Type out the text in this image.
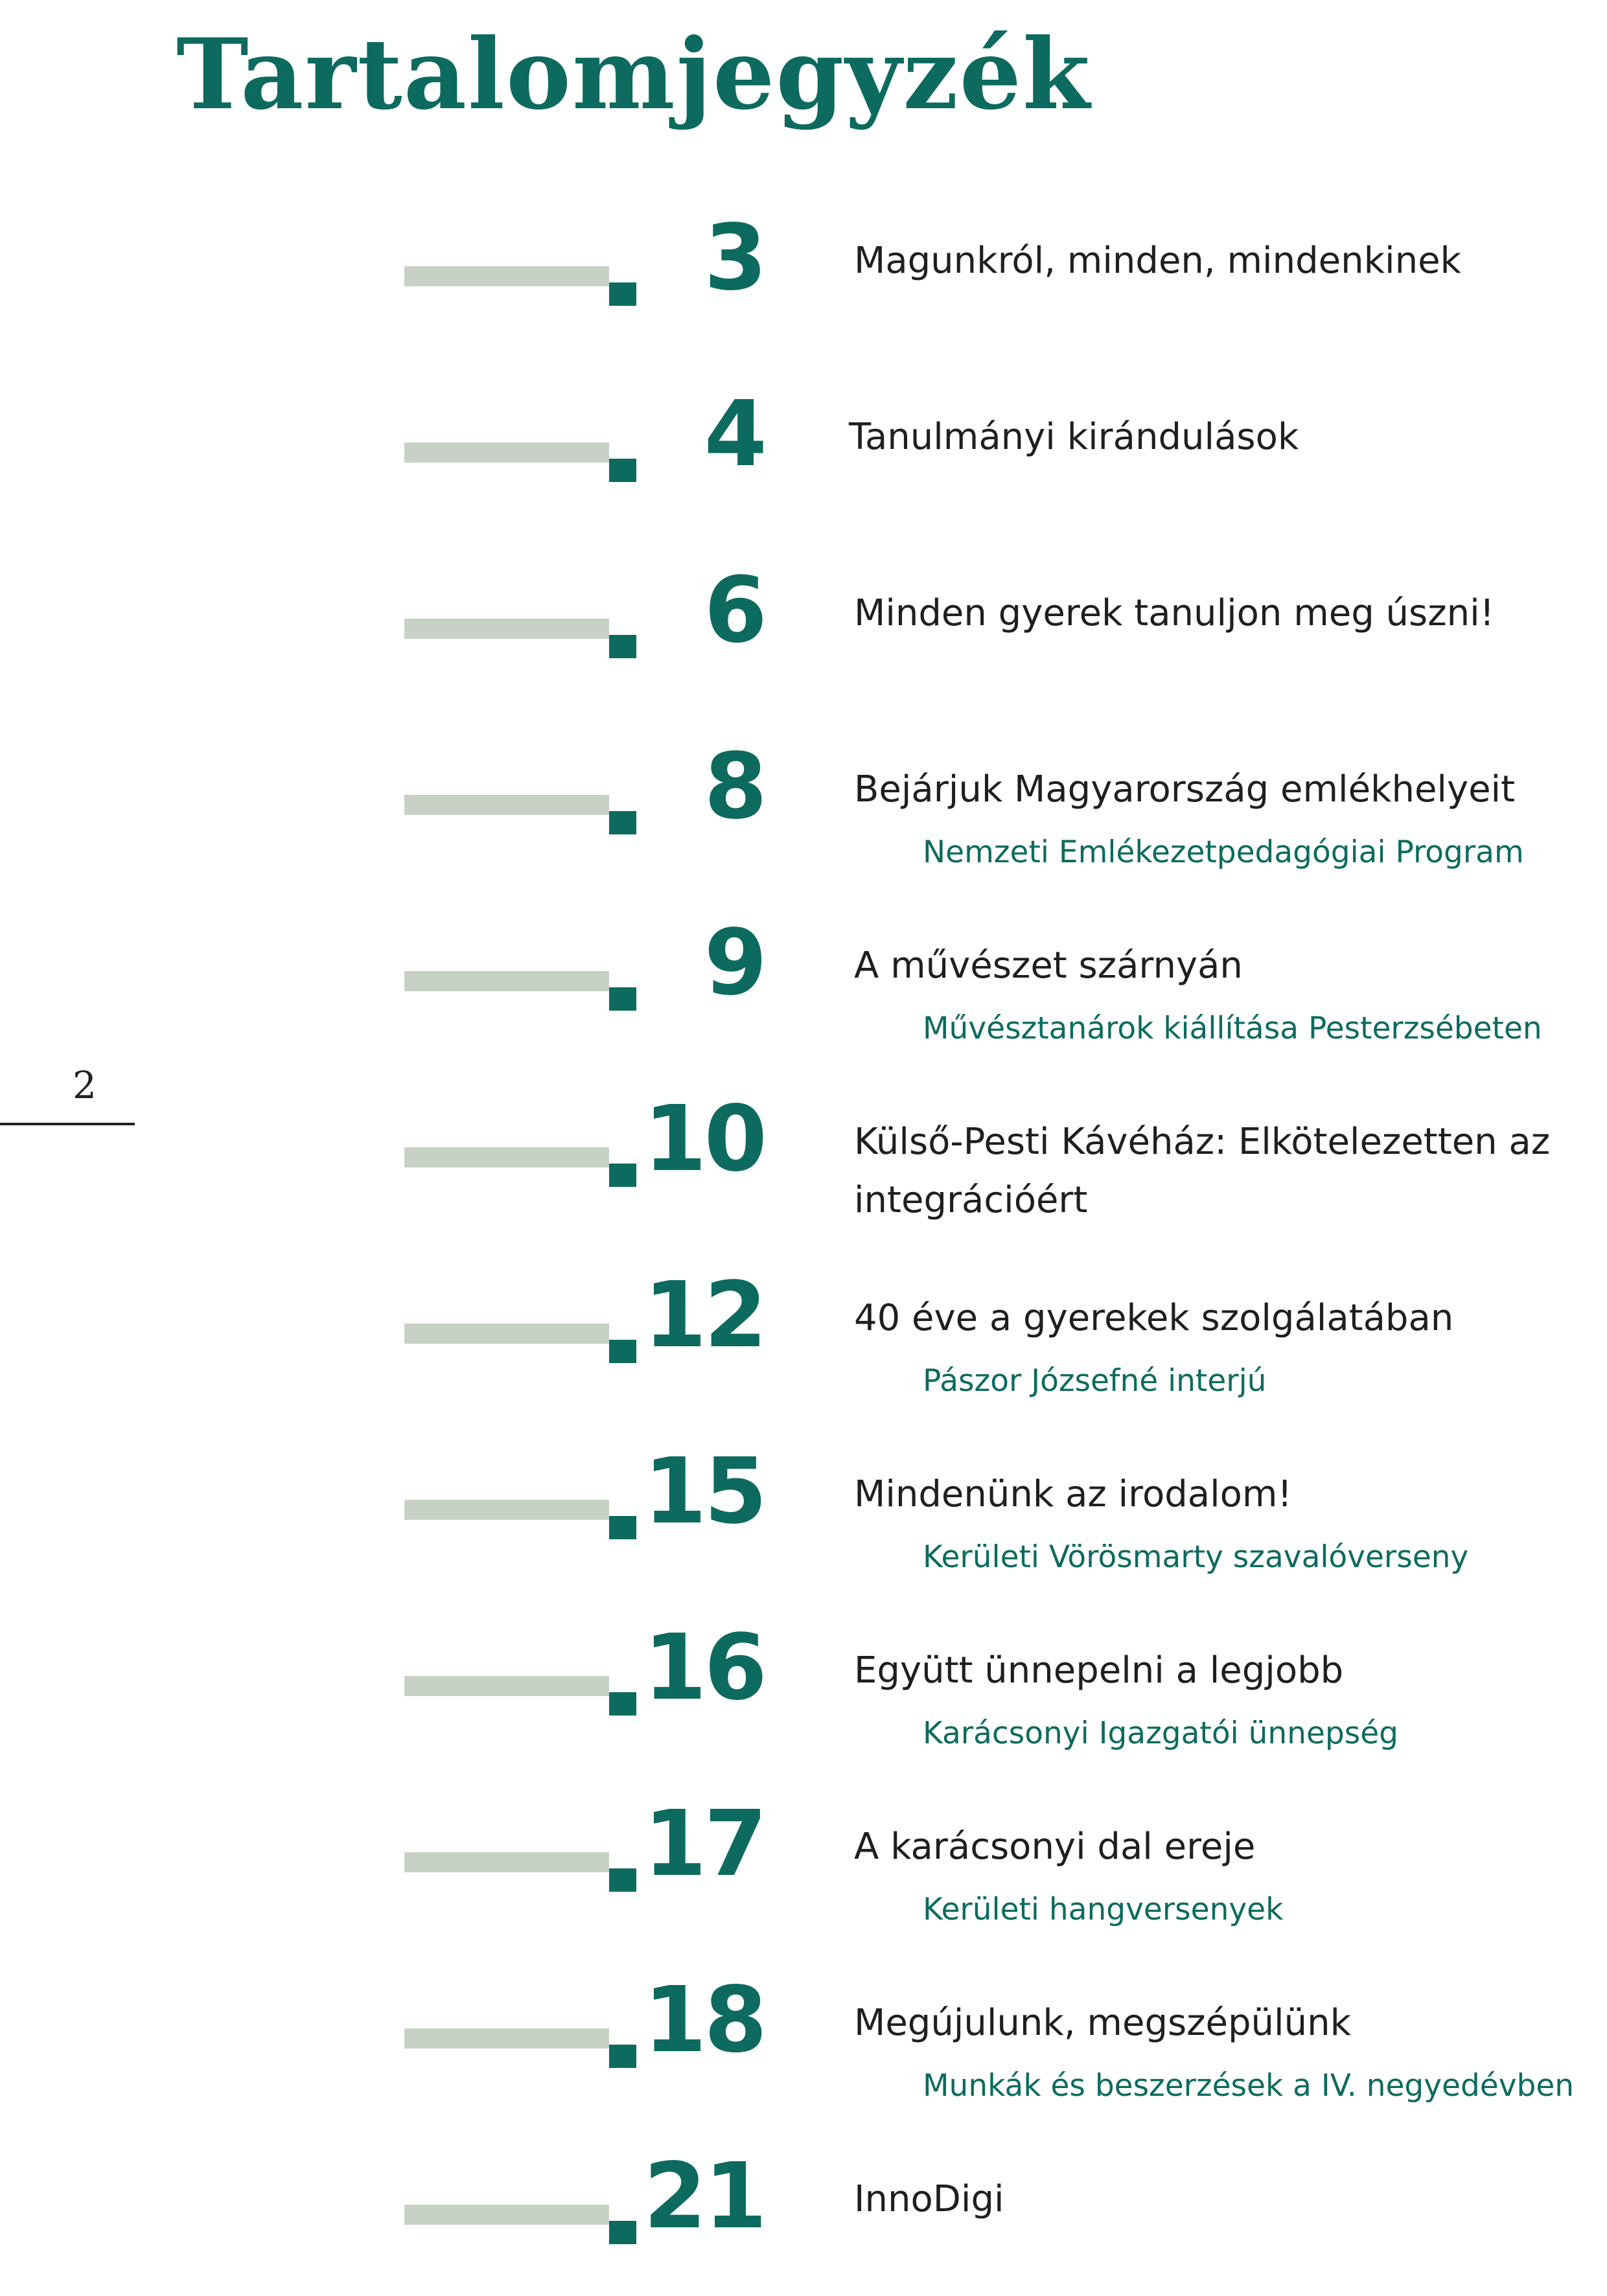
Tartalomjegyzék
2
3 Magunkról, minden, mindenkinek
4 Tanulmányi kirándulások
6 Minden gyerek tanuljon meg úszni!
8 Bejárjuk Magyarország emlékhelyeit
Nemzeti Emlékezetpedagógiai Program
9 A művészet szárnyán
Művésztanárok kiállítása Pesterzsébeten
10 Külső-Pesti Kávéház: Elkötelezetten az integrációért
12 40 éve a gyerekek szolgálatában
Pászor Józsefné interjú
15 Mindenünk az irodalom!
Kerületi Vörösmarty szavalóverseny
16 Együtt ünnepelni a legjobb
Karácsonyi Igazgatói ünnepség
17 A karácsonyi dal ereje
Kerületi hangversenyek
18 Megújulunk, megszépülünk
Munkák és beszerzések a IV. negyedévben
21 InnoDigi
